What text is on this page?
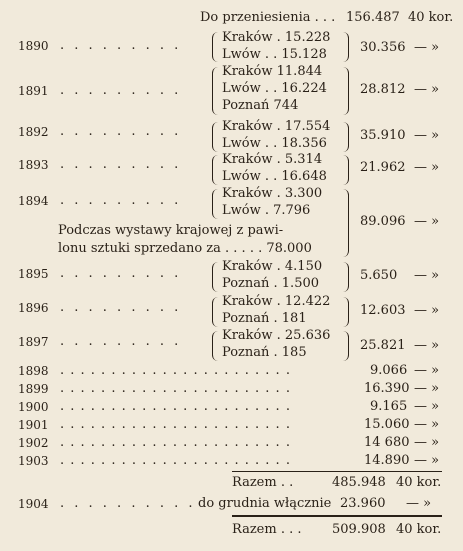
Do przeniesienia . . . 156.487 40 kor.
1890 . . . . . . . . .
Kraków . 15.228
Lwów . . 15.128	30.356 — »
1891 . . . . . . . . .
Kraków 11.844
Lwów . . 16.224
Poznań 744
28.812 — »
1892 . . . . . . . . .	Kraków . 17.554
Lwów . . 18.356
35.910 — »
1893 . . . . . . . . .	Kraków . 5.314
Lwów . . 16.648
21.962 — »
1894 . . . . . . . . .	Kraków . 3.300
Lwów . 7.796
Podczas wystawy krajowej z pawi-
lonu sztuki sprzedano za . . . . . 78.000
89.096 — »
1895 . . . . . . . . .	Kraków . 4.150
Poznań . 1.500
5.650 — »
1896 . . . . . . . . .	Kraków . 12.422
Poznań . 181
12.603 — »
1897 . . . . . . . . .	Kraków . 25.636
Poznań . 185	25.821 — »
1898 . . . . . . . . . . . . . . . . . . . . . . .	9.066 — »
1899 . . . . . . . . . . . . . . . . . . . . . . .	16.390 — »
1900 . . . . . . . . . . . . . . . . . . . . . . .	9.165 — »
1901 . . . . . . . . . . . . . . . . . . . . . . .	15.060 — »
1902 . . . . . . . . . . . . . . . . . . . . . . .	14 680 — »
1903 . . . . . . . . . . . . . . . . . . . . . . .	14.890 — »
Razem . .	485.948 40 kor.
1904 . . . . . . . . . . do grudnia włącznie 23.960 — »
Razem . . . 509.908 40 kor.
